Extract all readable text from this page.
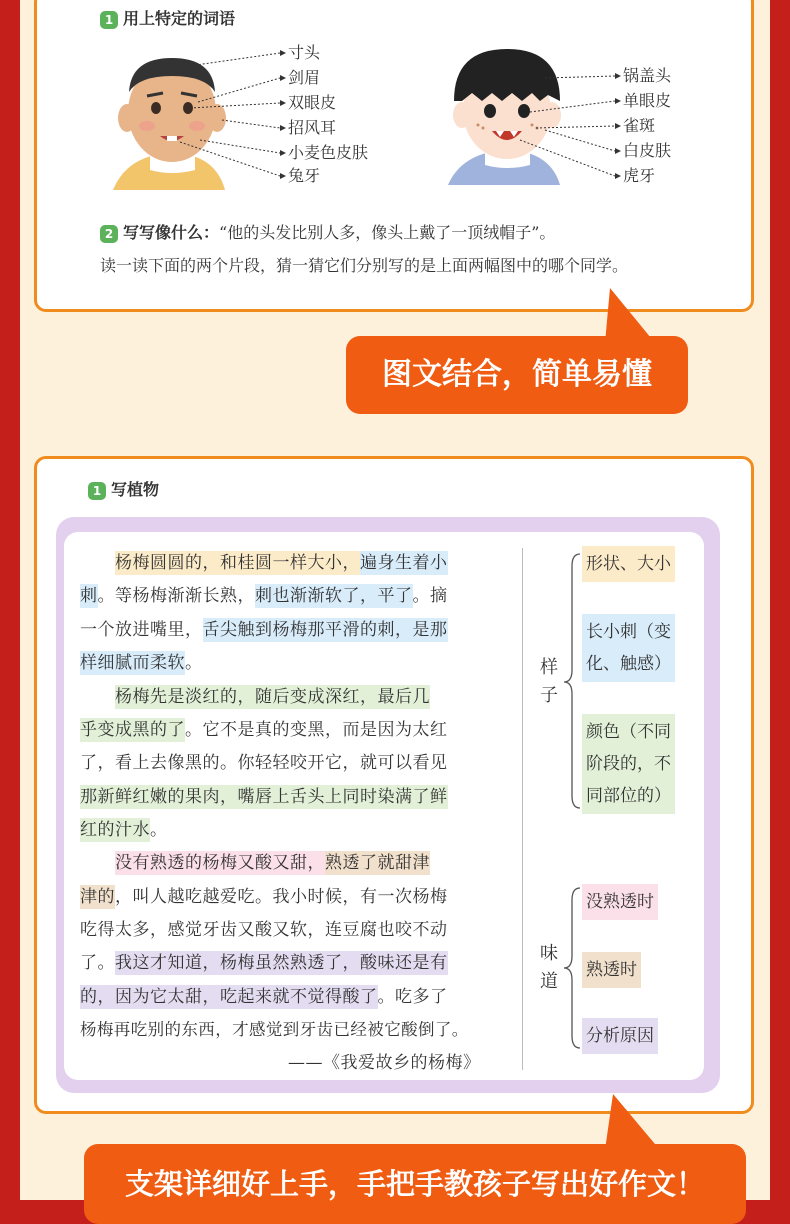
1 用上特定的词语
寸头
剑眉
双眼皮
招风耳
小麦色皮肤
兔牙
锅盖头
单眼皮
雀斑
白皮肤
虎牙
2 写写像什么：“他的头发比别人多，像头上戴了一顶绒帽子”。
读一读下面的两个片段，猜一猜它们分别写的是上面两幅图中的哪个同学。
图文结合，简单易懂
1 写植物
　　杨梅圆圆的，和桂圆一样大小，遍身生着小
刺。等杨梅渐渐长熟，刺也渐渐软了，平了。摘
一个放进嘴里，舌尖触到杨梅那平滑的刺，是那
样细腻而柔软。
　　杨梅先是淡红的，随后变成深红，最后几
乎变成黑的了。它不是真的变黑，而是因为太红
了，看上去像黑的。你轻轻咬开它，就可以看见
那新鲜红嫩的果肉，嘴唇上舌头上同时染满了鲜
红的汁水。
　　没有熟透的杨梅又酸又甜，熟透了就甜津
津的，叫人越吃越爱吃。我小时候，有一次杨梅
吃得太多，感觉牙齿又酸又软，连豆腐也咬不动
了。我这才知道，杨梅虽然熟透了，酸味还是有
的，因为它太甜，吃起来就不觉得酸了。吃多了
杨梅再吃别的东西，才感觉到牙齿已经被它酸倒了。
——《我爱故乡的杨梅》
样子
形状、大小
长小刺（变
化、触感）
颜色（不同
阶段的，不
同部位的）
味道
没熟透时
熟透时
分析原因
支架详细好上手，手把手教孩子写出好作文！
